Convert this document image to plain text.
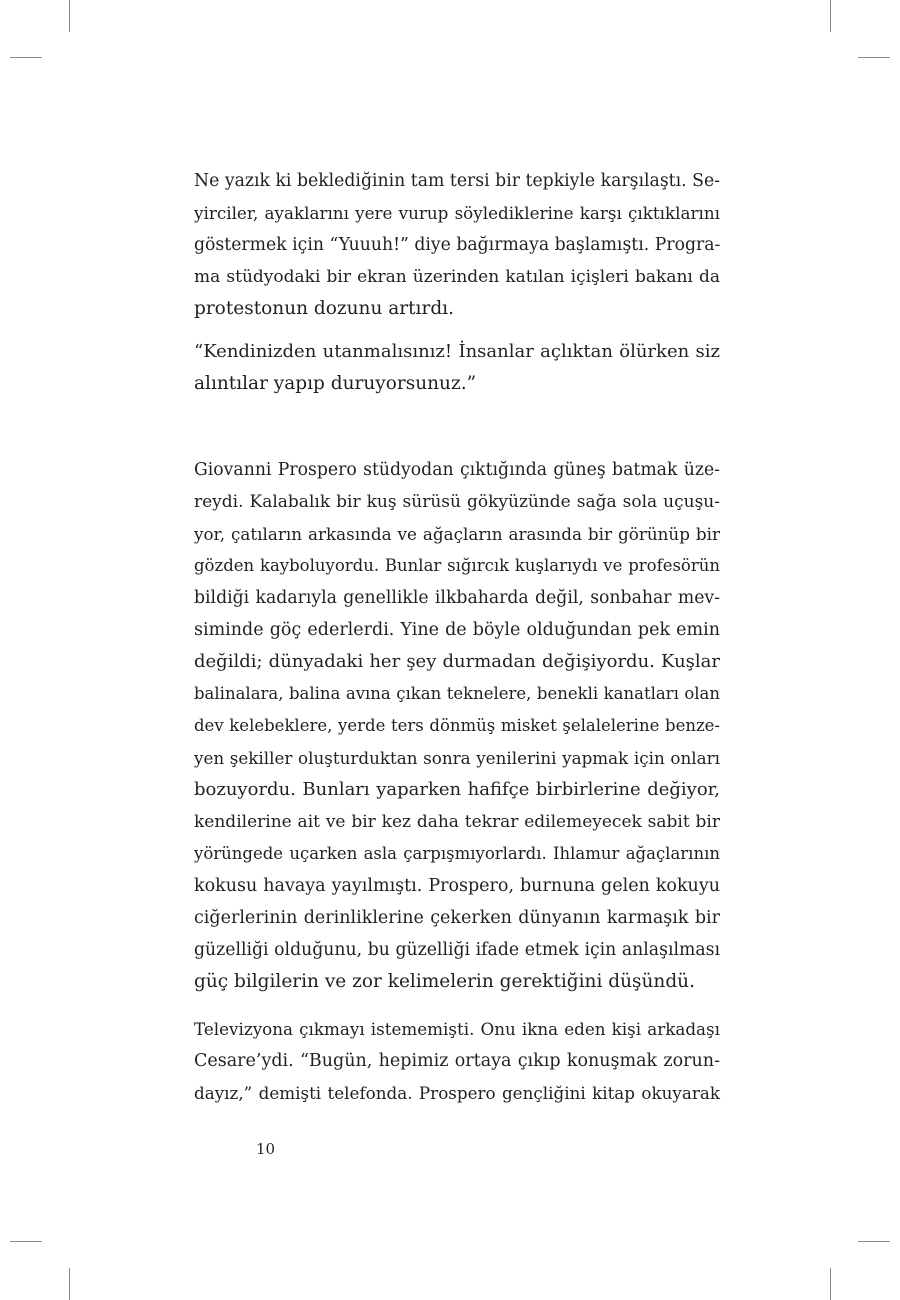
Ne yazık ki beklediğinin tam tersi bir tepkiyle karşılaştı. Se-
yirciler, ayaklarını yere vurup söylediklerine karşı çıktıklarını
göstermek için “Yuuuh!” diye bağırmaya başlamıştı. Progra-
ma stüdyodaki bir ekran üzerinden katılan içişleri bakanı da
protestonun dozunu artırdı.

“Kendinizden utanmalısınız! İnsanlar açlıktan ölürken siz
alıntılar yapıp duruyorsunuz.”

Giovanni Prospero stüdyodan çıktığında güneş batmak üze-
reydi. Kalabalık bir kuş sürüsü gökyüzünde sağa sola uçuşu-
yor, çatıların arkasında ve ağaçların arasında bir görünüp bir
gözden kayboluyordu. Bunlar sığırcık kuşlarıydı ve profesörün
bildiği kadarıyla genellikle ilkbaharda değil, sonbahar mev-
siminde göç ederlerdi. Yine de böyle olduğundan pek emin
değildi; dünyadaki her şey durmadan değişiyordu. Kuşlar
balinalara, balina avına çıkan teknelere, benekli kanatları olan
dev kelebeklere, yerde ters dönmüş misket şelalelerine benze-
yen şekiller oluşturduktan sonra yenilerini yapmak için onları
bozuyordu. Bunları yaparken hafifçe birbirlerine değiyor,
kendilerine ait ve bir kez daha tekrar edilemeyecek sabit bir
yörüngede uçarken asla çarpışmıyorlardı. Ihlamur ağaçlarının
kokusu havaya yayılmıştı. Prospero, burnuna gelen kokuyu
ciğerlerinin derinliklerine çekerken dünyanın karmaşık bir
güzelliği olduğunu, bu güzelliği ifade etmek için anlaşılması
güç bilgilerin ve zor kelimelerin gerektiğini düşündü.

Televizyona çıkmayı istememişti. Onu ikna eden kişi arkadaşı
Cesare’ydi. “Bugün, hepimiz ortaya çıkıp konuşmak zorun-
dayız,” demişti telefonda. Prospero gençliğini kitap okuyarak

10
